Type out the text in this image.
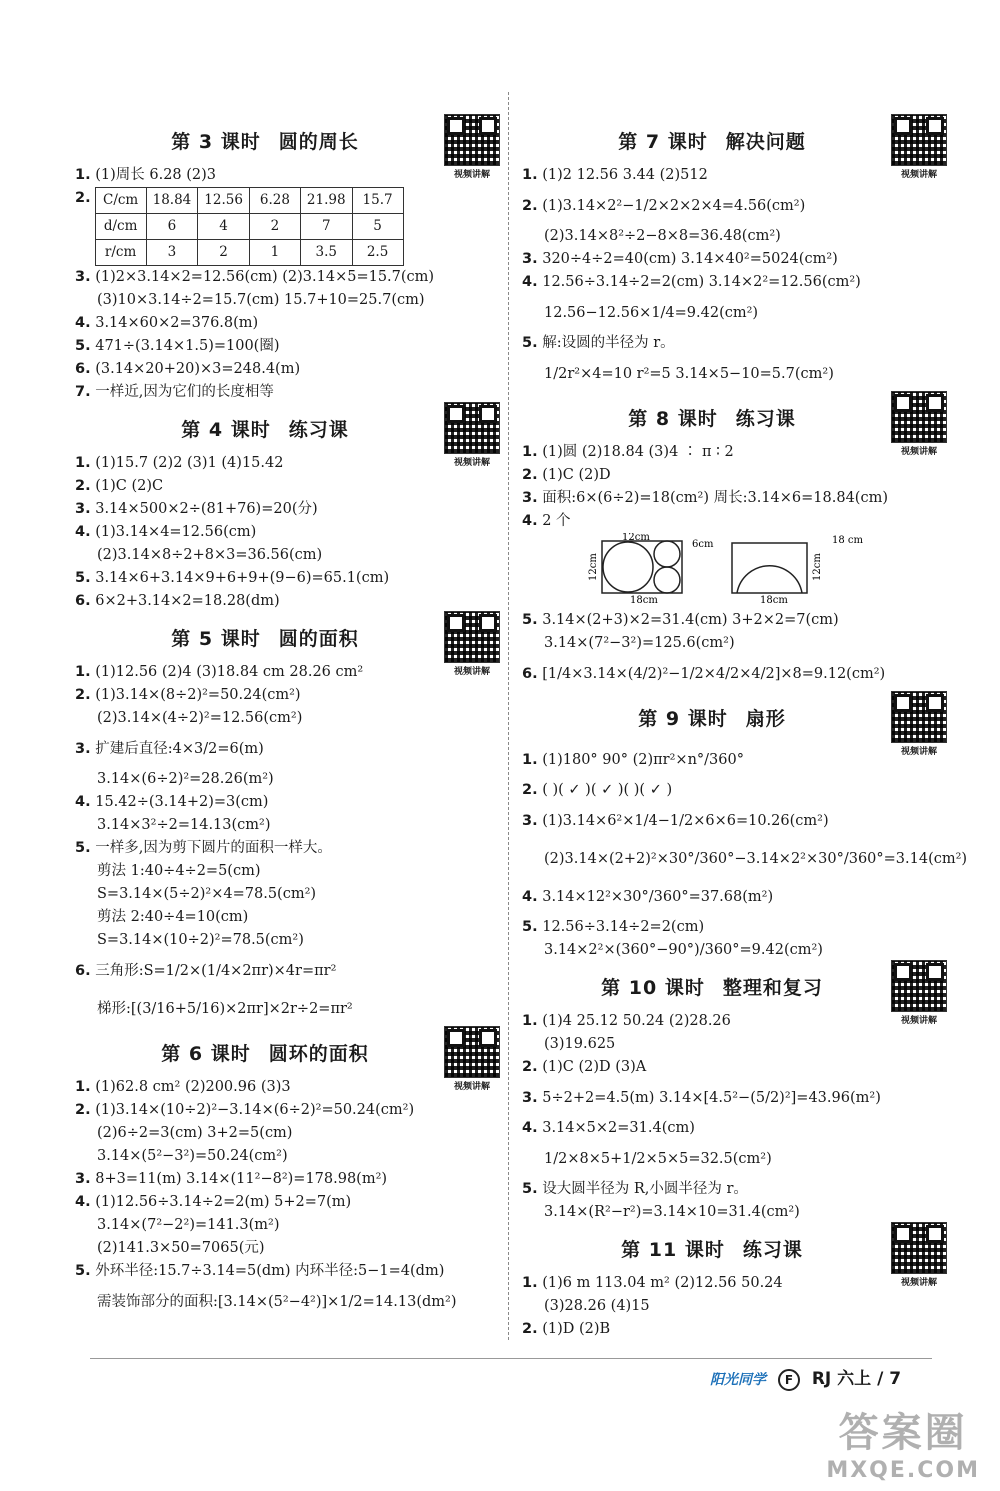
第 3 课时 圆的周长
视频讲解
1. (1)周长 6.28 (2)3
2. C/cm	18.84	12.56	6.28	21.98	15.7
d/cm	6	4	2	7	5
r/cm	3	2	1	3.5	2.5
3. (1)2×3.14×2=12.56(cm) (2)3.14×5=15.7(cm)
(3)10×3.14÷2=15.7(cm) 15.7+10=25.7(cm)
4. 3.14×60×2=376.8(m)
5. 471÷(3.14×1.5)=100(圈)
6. (3.14×20+20)×3=248.4(m)
7. 一样近,因为它们的长度相等
第 4 课时 练习课
视频讲解
1. (1)15.7 (2)2 (3)1 (4)15.42
2. (1)C (2)C
3. 3.14×500×2÷(81+76)=20(分)
4. (1)3.14×4=12.56(cm)
(2)3.14×8÷2+8×3=36.56(cm)
5. 3.14×6+3.14×9+6+9+(9−6)=65.1(cm)
6. 6×2+3.14×2=18.28(dm)
第 5 课时 圆的面积
视频讲解
1. (1)12.56 (2)4 (3)18.84 cm 28.26 cm²
2. (1)3.14×(8÷2)²=50.24(cm²)
(2)3.14×(4÷2)²=12.56(cm²)
3. 扩建后直径:4×3/2=6(m)
3.14×(6÷2)²=28.26(m²)
4. 15.42÷(3.14+2)=3(cm)
3.14×3²÷2=14.13(cm²)
5. 一样多,因为剪下圆片的面积一样大。
剪法 1:40÷4÷2=5(cm)
S=3.14×(5÷2)²×4=78.5(cm²)
剪法 2:40÷4=10(cm)
S=3.14×(10÷2)²=78.5(cm²)
6. 三角形:S=1/2×(1/4×2πr)×4r=πr²
梯形:[(3/16+5/16)×2πr]×2r÷2=πr²
第 6 课时 圆环的面积
视频讲解
1. (1)62.8 cm² (2)200.96 (3)3
2. (1)3.14×(10÷2)²−3.14×(6÷2)²=50.24(cm²)
(2)6÷2=3(cm) 3+2=5(cm)
3.14×(5²−3²)=50.24(cm²)
3. 8+3=11(m) 3.14×(11²−8²)=178.98(m²)
4. (1)12.56÷3.14÷2=2(m) 5+2=7(m)
3.14×(7²−2²)=141.3(m²)
(2)141.3×50=7065(元)
5. 外环半径:15.7÷3.14=5(dm) 内环半径:5−1=4(dm)
需装饰部分的面积:[3.14×(5²−4²)]×1/2=14.13(dm²)
第 7 课时 解决问题
视频讲解
1. (1)2 12.56 3.44 (2)512
2. (1)3.14×2²−1/2×2×2×4=4.56(cm²)
(2)3.14×8²÷2−8×8=36.48(cm²)
3. 320÷4÷2=40(cm) 3.14×40²=5024(cm²)
4. 12.56÷3.14÷2=2(cm) 3.14×2²=12.56(cm²)
12.56−12.56×1/4=9.42(cm²)
5. 解:设圆的半径为 r。
1/2r²×4=10 r²=5 3.14×5−10=5.7(cm²)
第 8 课时 练习课
视频讲解
1. (1)圆 (2)18.84 (3)4 ∶ π ∶ 2
2. (1)C (2)D
3. 面积:6×(6÷2)=18(cm²) 周长:3.14×6=18.84(cm)
4. 2 个
12cm
6cm
12cm
18cm
18 cm
12cm
18cm
5. 3.14×(2+3)×2=31.4(cm) 3+2×2=7(cm)
3.14×(7²−3²)=125.6(cm²)
6. [1/4×3.14×(4/2)²−1/2×4/2×4/2]×8=9.12(cm²)
第 9 课时 扇形
视频讲解
1. (1)180° 90° (2)πr²×n°/360°
2. ( )( ✓ )( ✓ )( )( ✓ )
3. (1)3.14×6²×1/4−1/2×6×6=10.26(cm²)
(2)3.14×(2+2)²×30°/360°−3.14×2²×30°/360°=3.14(cm²)
4. 3.14×12²×30°/360°=37.68(m²)
5. 12.56÷3.14÷2=2(cm)
3.14×2²×(360°−90°)/360°=9.42(cm²)
第 10 课时 整理和复习
视频讲解
1. (1)4 25.12 50.24 (2)28.26
(3)19.625
2. (1)C (2)D (3)A
3. 5÷2+2=4.5(m) 3.14×[4.5²−(5/2)²]=43.96(m²)
4. 3.14×5×2=31.4(cm)
1/2×8×5+1/2×5×5=32.5(cm²)
5. 设大圆半径为 R,小圆半径为 r。
3.14×(R²−r²)=3.14×10=31.4(cm²)
第 11 课时 练习课
视频讲解
1. (1)6 m 113.04 m² (2)12.56 50.24
(3)28.26 (4)15
2. (1)D (2)B
阳光同学 F RJ 六上 / 7
答案圈
MXQE.COM
